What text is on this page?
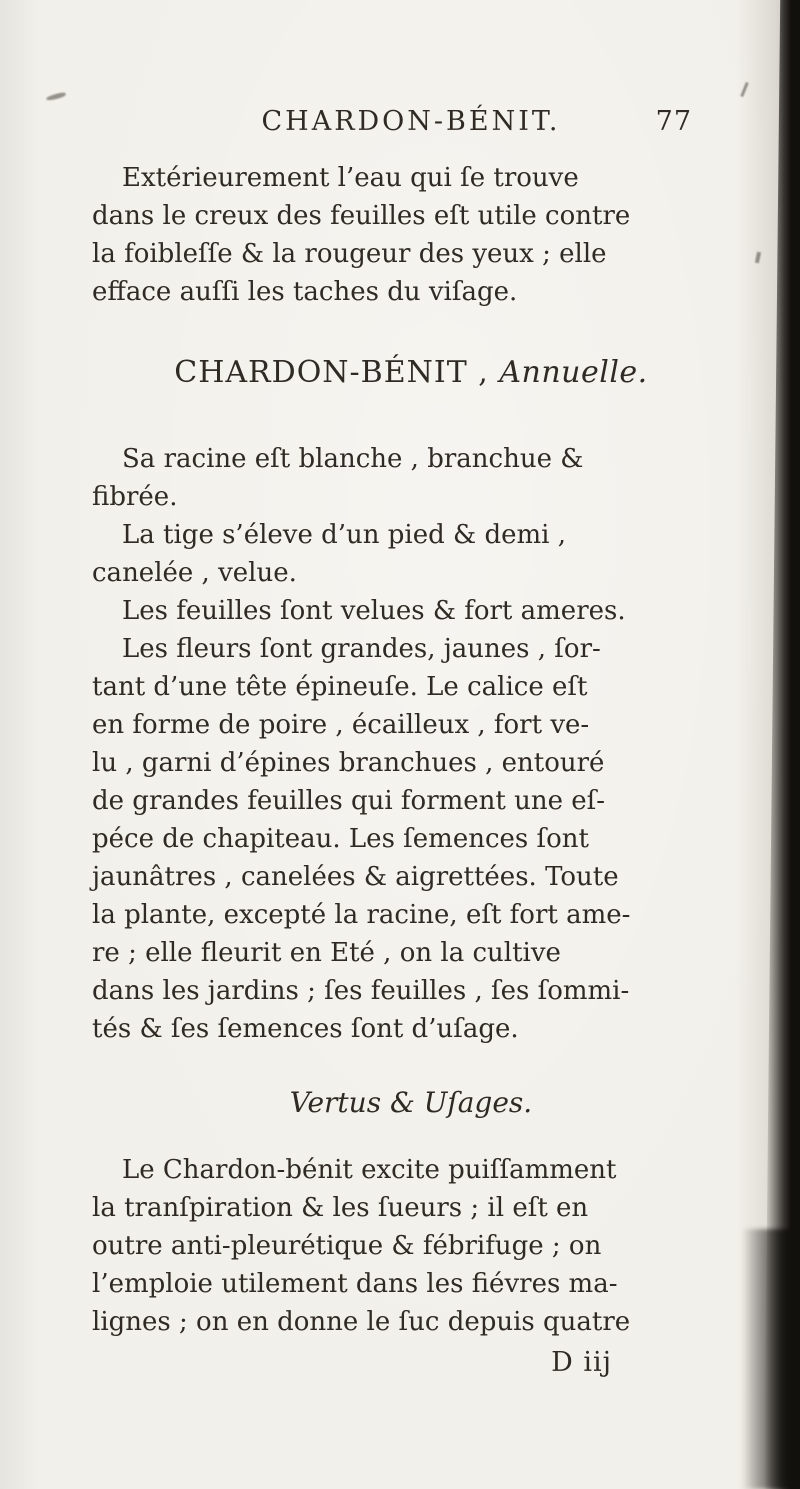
CHARDON-BÉNIT.	77
Extérieurement l’eau qui ſe trouve
dans le creux des feuilles eſt utile contre
la foibleſſe & la rougeur des yeux ; elle
efface auſſi les taches du viſage.
CHARDON-BÉNIT , Annuelle.
Sa racine eſt blanche , branchue &
fibrée.
La tige s’éleve d’un pied & demi ,
canelée , velue.
Les feuilles ſont velues & fort ameres.
Les fleurs ſont grandes, jaunes , ſor-
tant d’une tête épineuſe. Le calice eſt
en forme de poire , écailleux , fort ve-
lu , garni d’épines branchues , entouré
de grandes feuilles qui forment une eſ-
péce de chapiteau. Les ſemences ſont
jaunâtres , canelées & aigrettées. Toute
la plante, excepté la racine, eſt fort ame-
re ; elle fleurit en Eté , on la cultive
dans les jardins ; ſes feuilles , ſes ſommi-
tés & ſes ſemences ſont d’uſage.
Vertus & Uſages.
Le Chardon-bénit excite puiſſamment
la tranſpiration & les ſueurs ; il eſt en
outre anti-pleurétique & fébrifuge ; on
l’emploie utilement dans les fiévres ma-
lignes ; on en donne le ſuc depuis quatre
D iij
